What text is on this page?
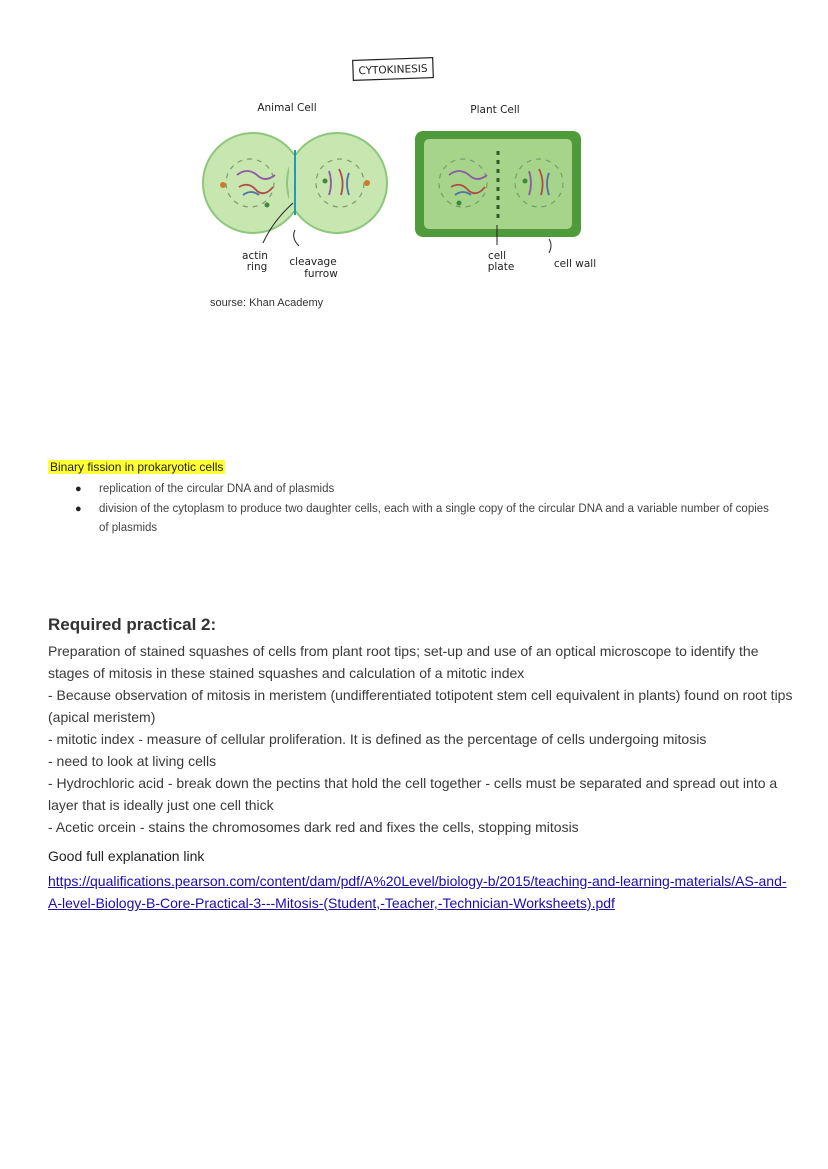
CYTOKINESIS
Animal Cell	Plant Cell
actin
ring cleavage
furrow
cell
plate	cell wall
sourse: Khan Academy
Binary fission in prokaryotic cells
● replication of the circular DNA and of plasmids
● division of the cytoplasm to produce two daughter cells, each with a single copy of the circular DNA and a variable number of copies of plasmids
Required practical 2:

Preparation of stained squashes of cells from plant root tips; set-up and use of an optical microscope to identify the stages of mitosis in these stained squashes and calculation of a mitotic index

- Because observation of mitosis in meristem (undifferentiated totipotent stem cell equivalent in plants) found on root tips (apical meristem)

- mitotic index - measure of cellular proliferation. It is defined as the percentage of cells undergoing mitosis

- need to look at living cells

- Hydrochloric acid - break down the pectins that hold the cell together - cells must be separated and spread out into a layer that is ideally just one cell thick

- Acetic orcein - stains the chromosomes dark red and fixes the cells, stopping mitosis

Good full explanation link
https://qualifications.pearson.com/content/dam/pdf/A%20Level/biology-b/2015/teaching-and-learning-materials/AS-and-A-level-Biology-B-Core-Practical-3---Mitosis-(Student,-Teacher,-Technician-Worksheets).pdf
